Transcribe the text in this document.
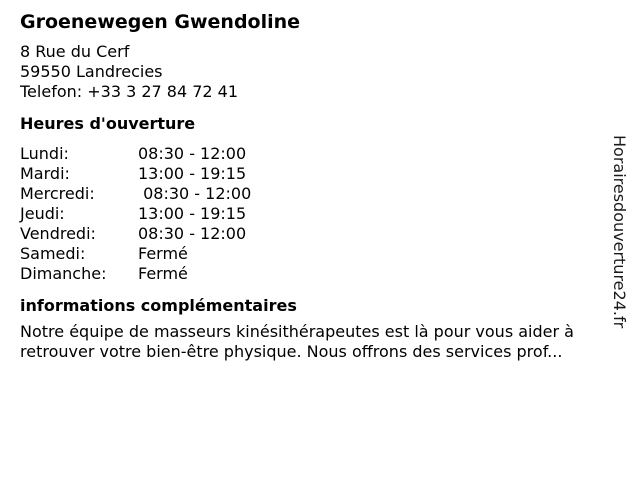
Groenewegen Gwendoline
8 Rue du Cerf
59550 Landrecies
Telefon: +33 3 27 84 72 41
Heures d'ouverture
Lundi:	08:30 - 12:00
Mardi:	13:00 - 19:15
Mercredi:	08:30 - 12:00
Jeudi:	13:00 - 19:15
Vendredi:	08:30 - 12:00
Samedi:	Fermé
Dimanche:	Fermé
informations complémentaires
Notre équipe de masseurs kinésithérapeutes est là pour vous aider à retrouver votre bien-être physique. Nous offrons des services prof...
Horairesdouverture24.fr
